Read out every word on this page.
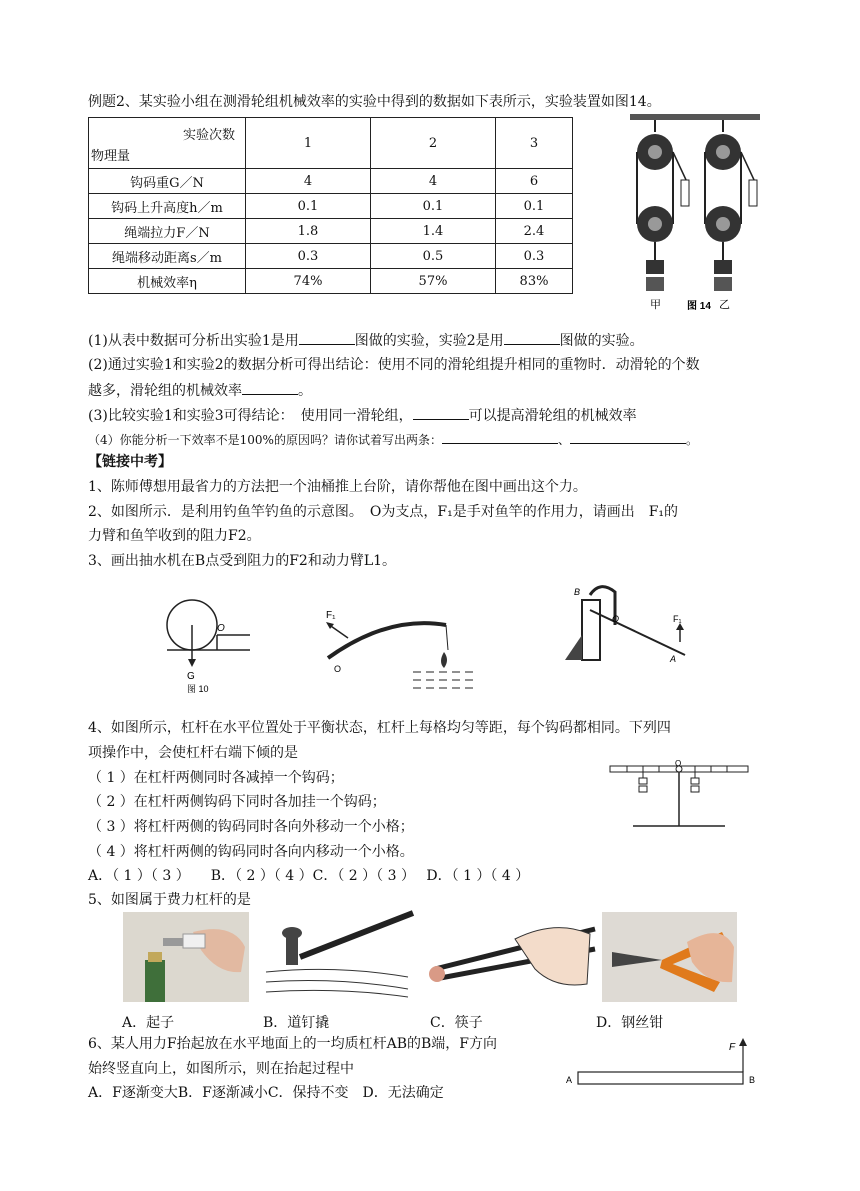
例题2、某实验小组在测滑轮组机械效率的实验中得到的数据如下表所示，实验装置如图14。
实验次数
物理量	1	2	3
钩码重G／N	4	4	6
钩码上升高度h／m	0.1	0.1	0.1
绳端拉力F／N	1.8	1.4	2.4
绳端移动距离s／m	0.3	0.5	0.3
机械效率η	74%	57%	83%
甲	乙
图 14
(1)从表中数据可分析出实验1是用	图做的实验，实验2是用	图做的实验。
(2)通过实验1和实验2的数据分析可得出结论：使用不同的滑轮组提升相同的重物时．动滑轮的个数
越多，滑轮组的机械效率	。
(3)比较实验1和实验3可得结论：　使用同一滑轮组，	可以提高滑轮组的机械效率
（4）你能分析一下效率不是100%的原因吗？请你试着写出两条：	、	。
【链接中考】
1、陈师傅想用最省力的方法把一个油桶推上台阶，请你帮他在图中画出这个力。
2、如图所示．是利用钓鱼竿钓鱼的示意图。　O为支点，F₁是手对鱼竿的作用力，请画出　F₁的
力臂和鱼竿收到的阻力F2。
3、画出抽水机在B点受到阻力的F2和动力臂L1。
O
G
图 10
F₁
O
B
O	F₁
A
4、如图所示，杠杆在水平位置处于平衡状态，杠杆上每格均匀等距，每个钩码都相同。下列四
项操作中，会使杠杆右端下倾的是
（ 1 ）在杠杆两侧同时各减掉一个钩码；
（ 2 ）在杠杆两侧钩码下同时各加挂一个钩码；
（ 3 ）将杠杆两侧的钩码同时各向外移动一个小格；
（ 4 ）将杠杆两侧的钩码同时各向内移动一个小格。
A．（ 1 ）（ 3 ）　　B．（ 2 ）（ 4 ）C．（ 2 ）（ 3 ）　 D．（ 1 ）（ 4 ）
O
5、如图属于费力杠杆的是
A．起子	B．道钉撬	C．筷子	D．钢丝钳
6、某人用力F抬起放在水平地面上的一均质杠杆AB的B端，F方向
始终竖直向上，如图所示，则在抬起过程中
A．F逐渐变大B．F逐渐减小C．保持不变　D．无法确定
F
A	B
